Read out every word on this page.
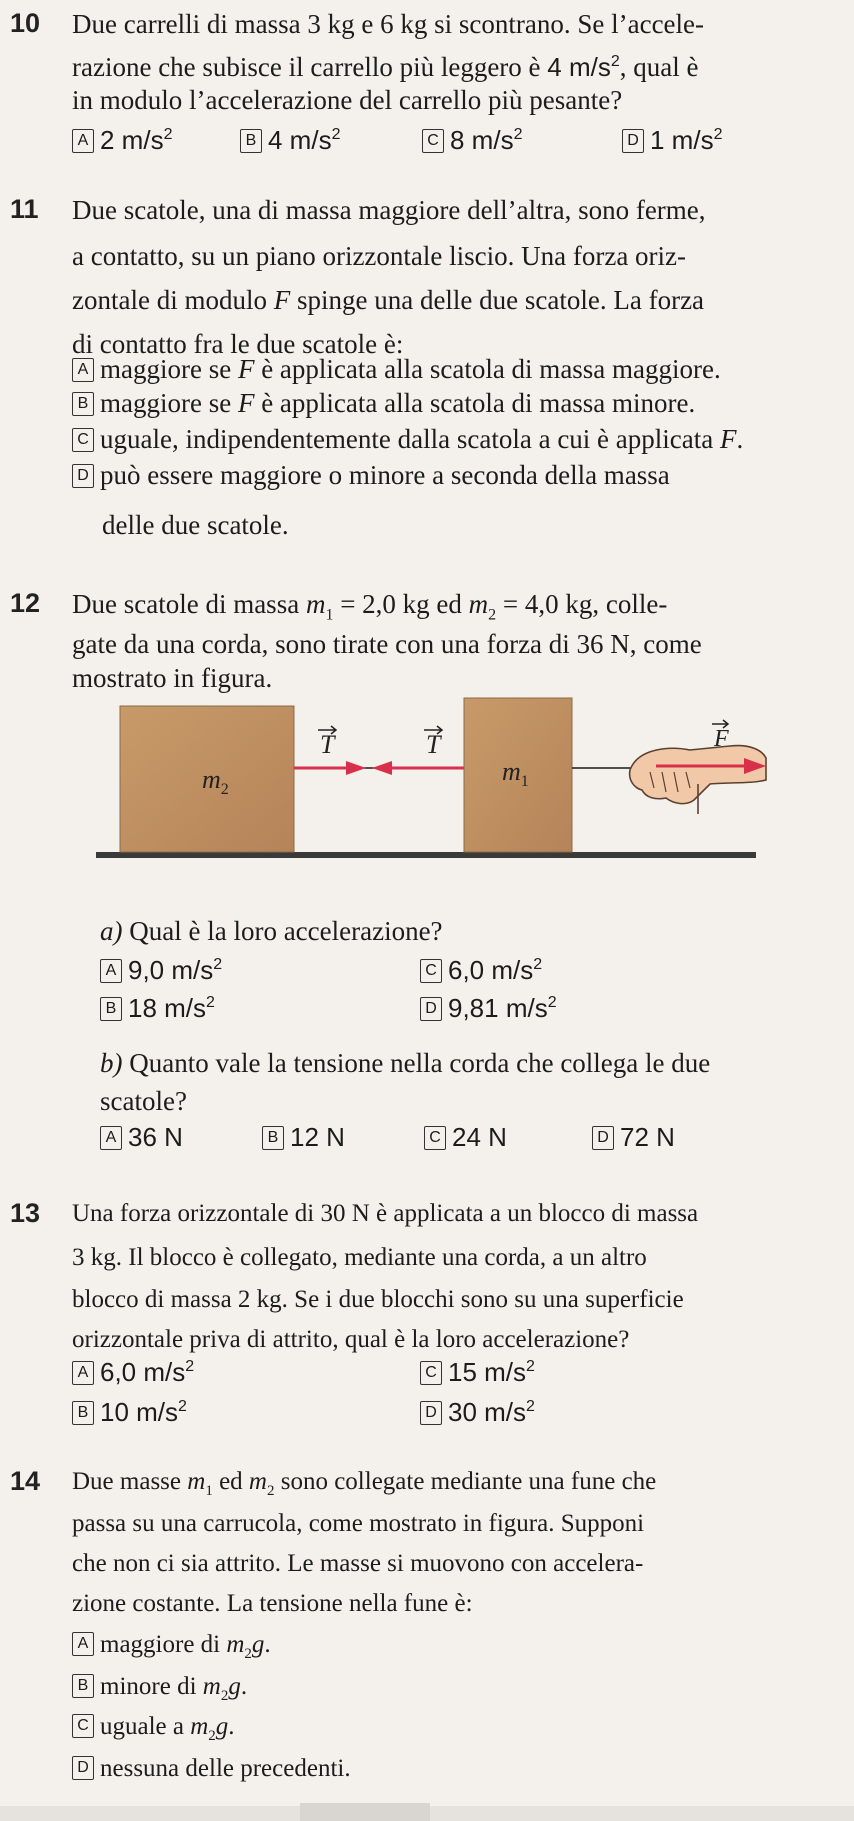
10 Due carrelli di massa 3 kg e 6 kg si scontrano. Se l’accele-
razione che subisce il carrello più leggero è 4 $m/s^2$, qual è
in modulo l’accelerazione del carrello più pesante?
A 2 $m/s^2$	B 4 $m/s^2$	C 8 $m/s^2$	D 1 $m/s^2$
11 Due scatole, una di massa maggiore dell’altra, sono ferme,
a contatto, su un piano orizzontale liscio. Una forza oriz-
zontale di modulo F spinge una delle due scatole. La forza
di contatto fra le due scatole è:
A maggiore se F è applicata alla scatola di massa maggiore.
B maggiore se F è applicata alla scatola di massa minore.
C uguale, indipendentemente dalla scatola a cui è applicata F.
D può essere maggiore o minore a seconda della massa
delle due scatole.
12 Due scatole di massa $m_1 = 2,0$ kg ed $m_2 = 4,0$ kg, colle-
gate da una corda, sono tirate con una forza di 36 N, come
mostrato in figura.
$m_2$
T	T
$m_1$
F
a) Qual è la loro accelerazione?
A 9,0 $m/s^2$	C 6,0 $m/s^2$
B 18 $m/s^2$	D 9,81 $m/s^2$
b) Quanto vale la tensione nella corda che collega le due
scatole?
A 36 N	B 12 N	C 24 N	D 72 N
13 Una forza orizzontale di 30 N è applicata a un blocco di massa
3 kg. Il blocco è collegato, mediante una corda, a un altro
blocco di massa 2 kg. Se i due blocchi sono su una superficie
orizzontale priva di attrito, qual è la loro accelerazione?
A 6,0 $m/s^2$	C 15 $m/s^2$
B 10 $m/s^2$	D 30 $m/s^2$
14 Due masse $m_1$ ed $m_2$ sono collegate mediante una fune che
passa su una carrucola, come mostrato in figura. Supponi
che non ci sia attrito. Le masse si muovono con accelera-
zione costante. La tensione nella fune è:
A maggiore di $m_2g$.
B minore di $m_2g$.
C uguale a $m_2g$.
D nessuna delle precedenti.
